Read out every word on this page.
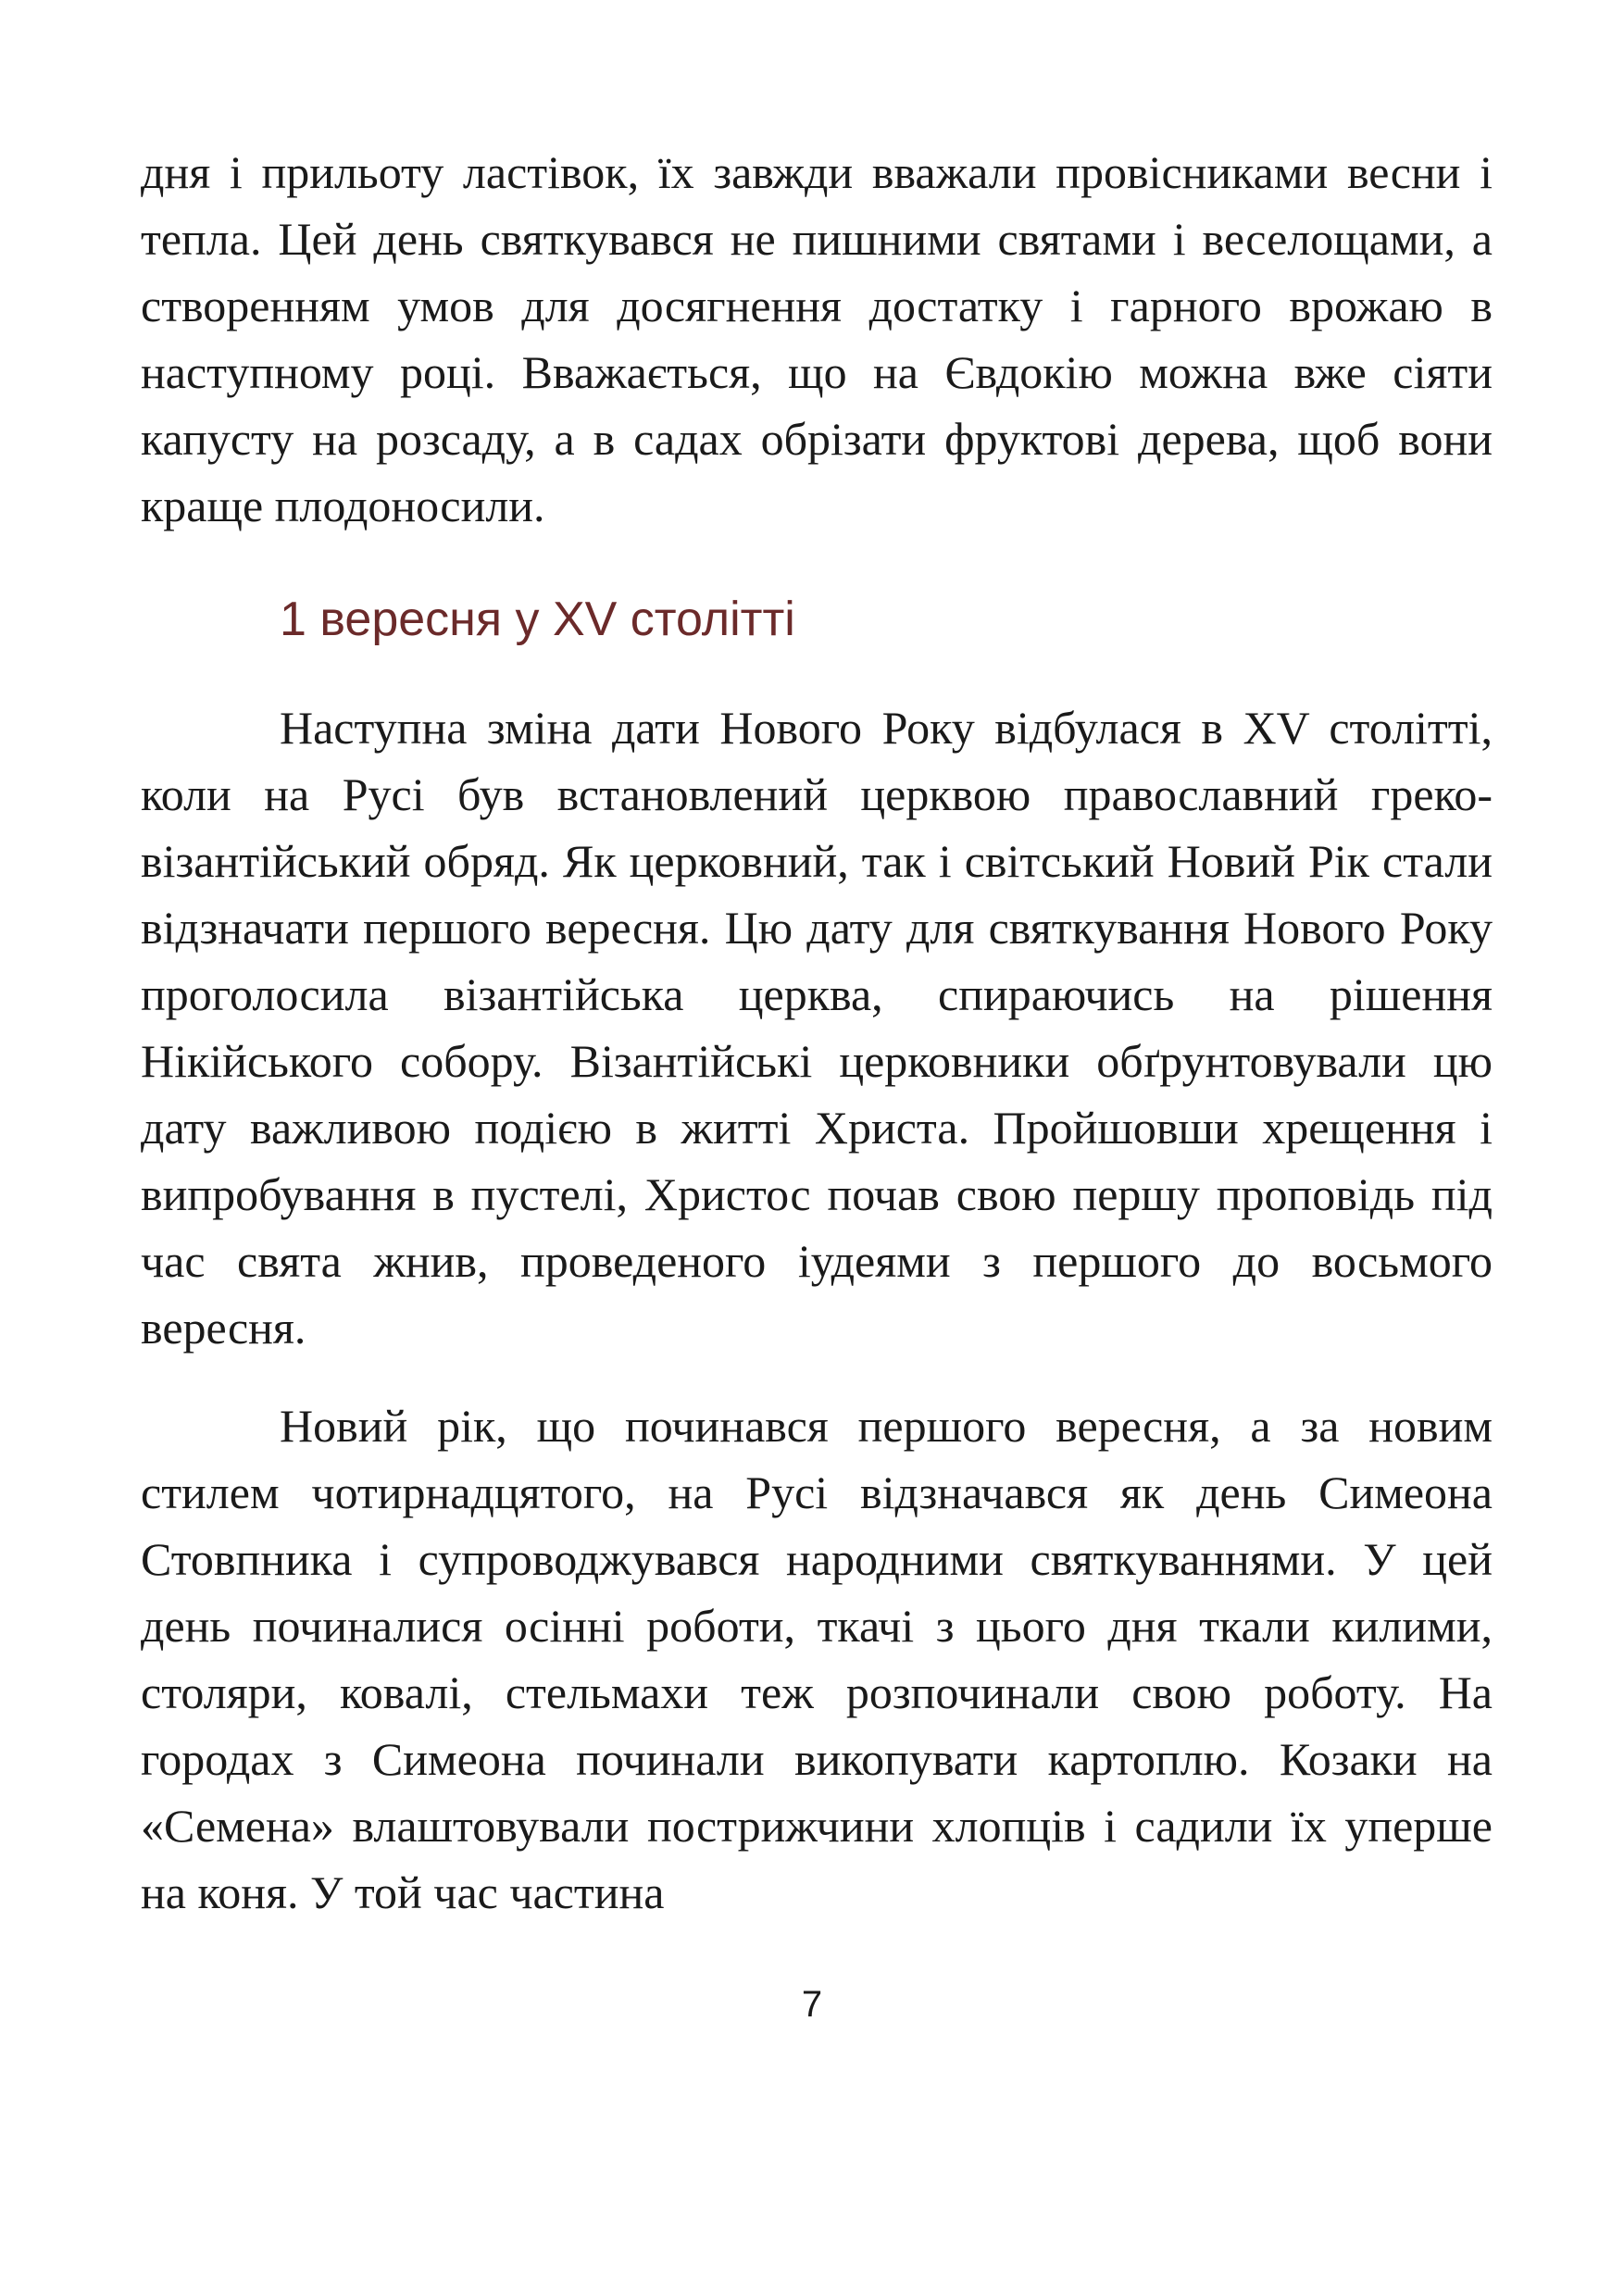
дня і прильоту ластівок, їх завжди вважали провісниками весни і тепла. Цей день святкувався не пишними святами і веселощами, а створенням умов для досягнення достатку і гарного врожаю в наступному році. Вважається, що на Євдокію можна вже сіяти капусту на розсаду, а в садах обрізати фруктові дерева, щоб вони краще плодоносили.

1 вересня у XV столітті

Наступна зміна дати Нового Року відбулася в XV столітті, коли на Русі був встановлений церквою православний греко-візантійський обряд. Як церковний, так і світський Новий Рік стали відзначати першого вересня. Цю дату для святкування Нового Року проголосила візантійська церква, спираючись на рішення Нікійського собору. Візантійські церковники обґрунтовували цю дату важливою подією в житті Христа. Пройшовши хрещення і випробування в пустелі, Христос почав свою першу проповідь під час свята жнив, проведеного іудеями з першого до восьмого вересня.

Новий рік, що починався першого вересня, а за новим стилем чотирнадцятого, на Русі відзначався як день Симеона Стовпника і супроводжувався народними святкуваннями. У цей день починалися осінні роботи, ткачі з цього дня ткали килими, столяри, ковалі, стельмахи теж розпочинали свою роботу. На городах з Симеона починали викопувати картоплю. Козаки на «Семена» влаштовували пострижчини хлопців і садили їх уперше на коня. У той час частина

7
